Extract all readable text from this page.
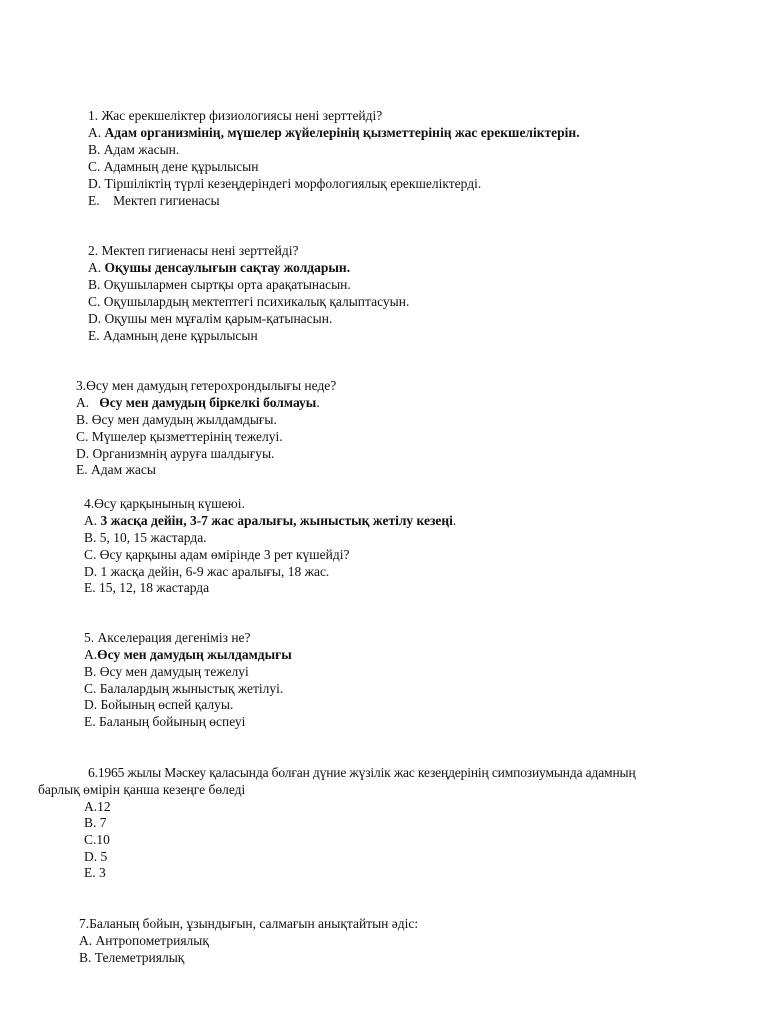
1. Жас ерекшеліктер физиологиясы нені зерттейді?
A. Адам организмінің, мүшелер жүйелерінің қызметтерінің жас ерекшеліктерін.
B. Адам жасын.
C. Адамның дене құрылысын
D. Тіршіліктің түрлі кезеңдеріндегі морфологиялық ерекшеліктерді.
E.    Мектеп гигиенасы
2. Мектеп гигиенасы нені зерттейді?
A. Оқушы денсаулығын сақтау жолдарын.
B. Оқушылармен сыртқы орта арақатынасын.
C. Оқушылардың мектептегі психикалық қалыптасуын.
D. Оқушы мен мұғалім қарым-қатынасын.
E. Адамның дене құрылысын
3.Өсу мен дамудың гетерохрондылығы неде?
A.   Өсу мен дамудың біркелкі болмауы.
B. Өсу мен дамудың жылдамдығы.
C. Мүшелер қызметтерінің тежелуі.
D. Организмнің ауруға шалдығуы.
E. Адам жасы
4.Өсу қарқынының күшеюі.
A. 3 жасқа дейін, 3-7 жас аралығы, жыныстық жетілу кезеңі.
B. 5, 10, 15 жастарда.
C. Өсу қарқыны адам өмірінде 3 рет күшейді?
D. 1 жасқа дейін, 6-9 жас аралығы, 18 жас.
E. 15, 12, 18 жастарда
5. Акселерация дегеніміз не?
A.Өсу мен дамудың жылдамдығы
B. Өсу мен дамудың тежелуі
C. Балалардың жыныстық жетілуі.
D. Бойының өспей қалуы.
E. Баланың бойының өспеуі
6.1965 жылы Мәскеу қаласында болған дүние жүзілік жас кезеңдерінің симпозиумында адамның
барлық өмірін қанша кезеңге бөледі
A.12
B. 7
C.10
D. 5
E. 3
7.Баланың бойын, ұзындығын, салмағын анықтайтын әдіс:
A. Антропометриялық
B. Телеметриялық
